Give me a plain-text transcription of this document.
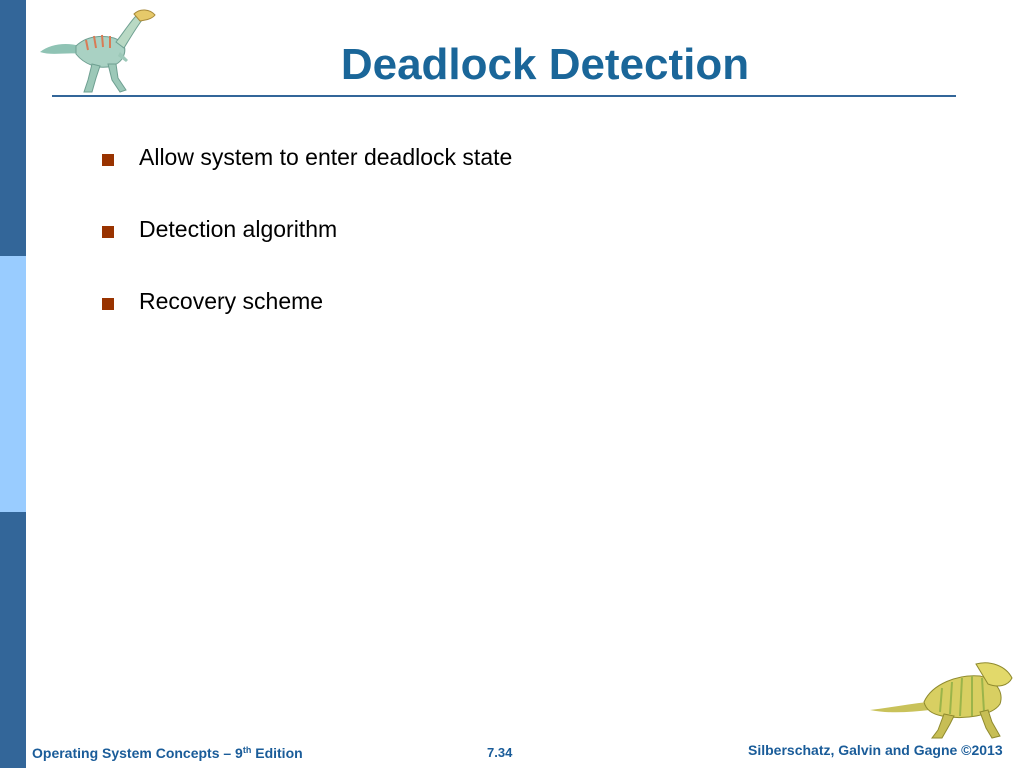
Deadlock Detection
Allow system to enter deadlock state
Detection algorithm
Recovery scheme
Operating System Concepts – 9th Edition	7.34	Silberschatz, Galvin and Gagne ©2013
